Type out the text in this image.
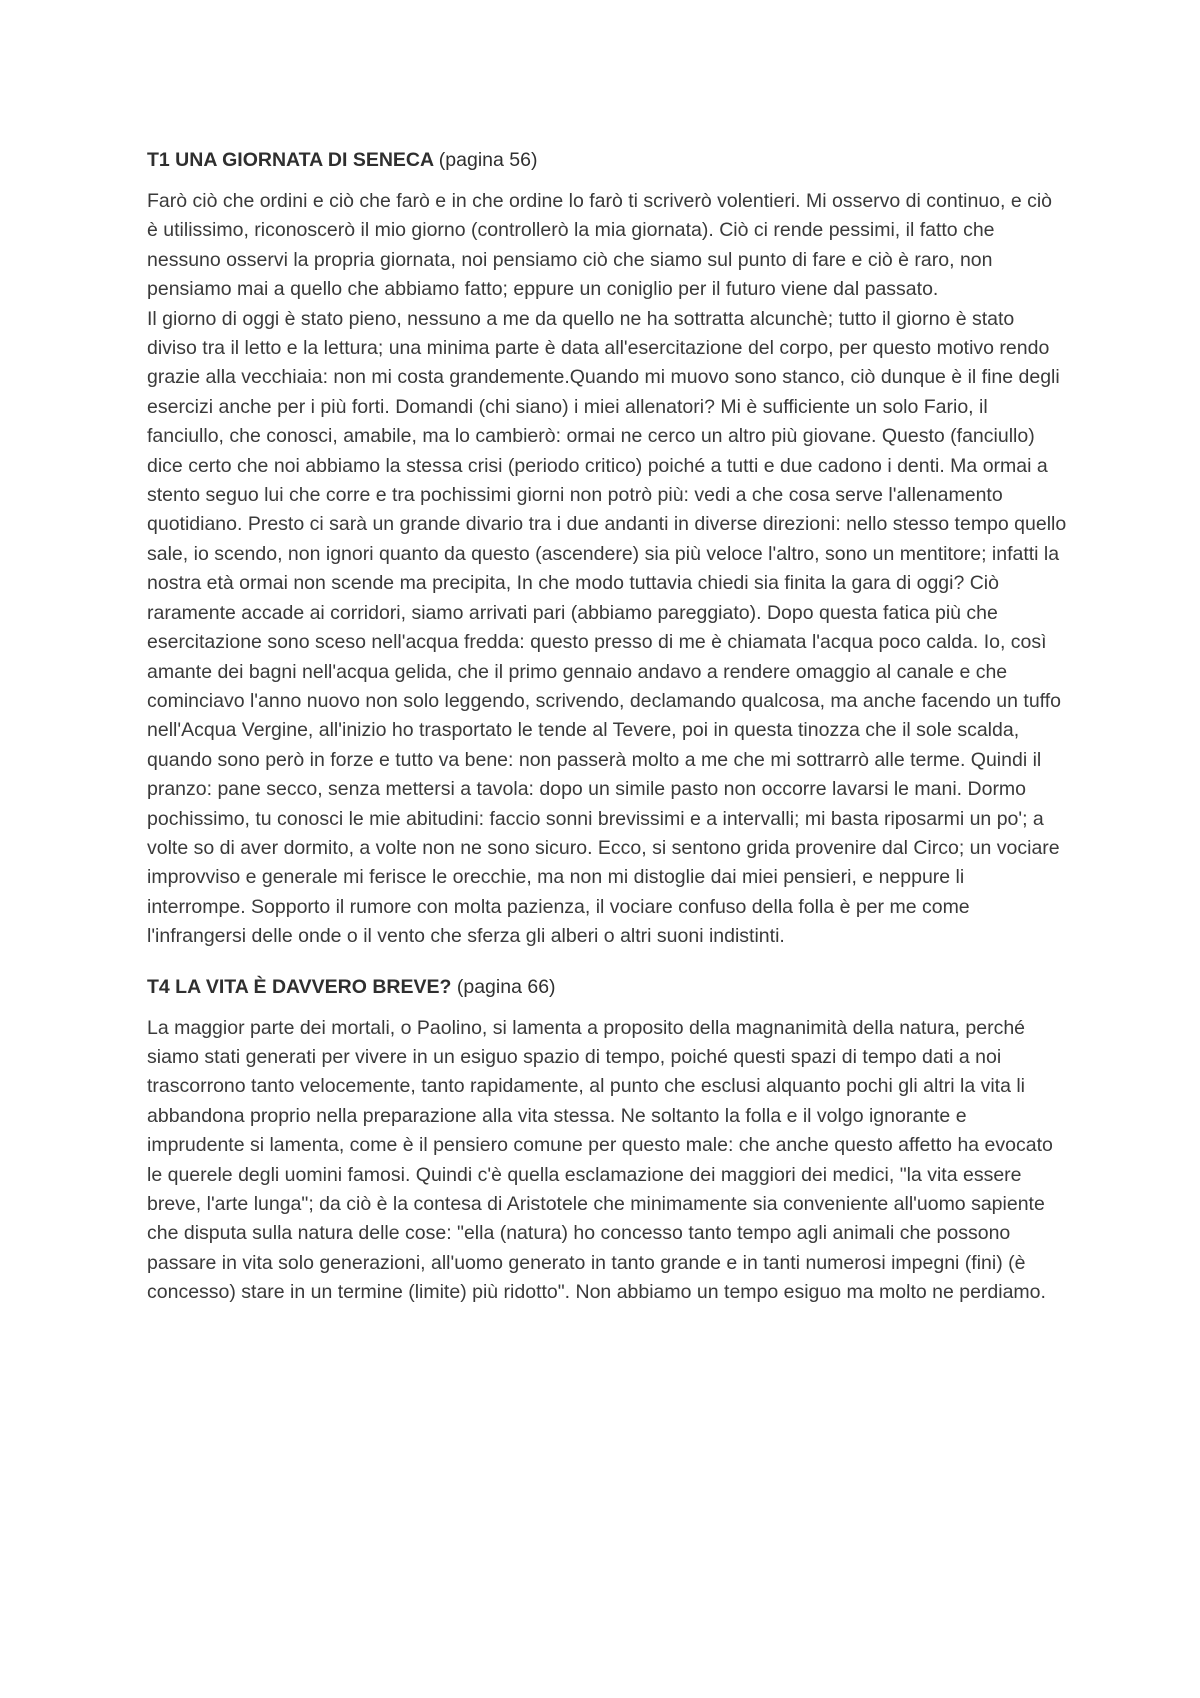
T1 UNA GIORNATA DI SENECA (pagina 56)

Farò ciò che ordini e ciò che farò e in che ordine lo farò ti scriverò volentieri. Mi osservo di continuo, e ciò è utilissimo, riconoscerò il mio giorno (controllerò la mia giornata). Ciò ci rende pessimi, il fatto che nessuno osservi la propria giornata, noi pensiamo ciò che siamo sul punto di fare e ciò è raro, non pensiamo mai a quello che abbiamo fatto; eppure un coniglio per il futuro viene dal passato.

Il giorno di oggi è stato pieno, nessuno a me da quello ne ha sottratta alcunchè; tutto il giorno è stato diviso tra il letto e la lettura; una minima parte è data all'esercitazione del corpo, per questo motivo rendo grazie alla vecchiaia: non mi costa grandemente.Quando mi muovo sono stanco, ciò dunque è il fine degli esercizi anche per i più forti. Domandi (chi siano) i miei allenatori? Mi è sufficiente un solo Fario, il fanciullo, che conosci, amabile, ma lo cambierò: ormai ne cerco un altro più giovane. Questo (fanciullo) dice certo che noi abbiamo la stessa crisi (periodo critico) poiché a tutti e due cadono i denti. Ma ormai a stento seguo lui che corre e tra pochissimi giorni non potrò più: vedi a che cosa serve l'allenamento quotidiano. Presto ci sarà un grande divario tra i due andanti in diverse direzioni: nello stesso tempo quello sale, io scendo, non ignori quanto da questo (ascendere) sia più veloce l'altro, sono un mentitore; infatti la nostra età ormai non scende ma precipita, In che modo tuttavia chiedi sia finita la gara di oggi? Ciò raramente accade ai corridori, siamo arrivati pari (abbiamo pareggiato). Dopo questa fatica più che esercitazione sono sceso nell'acqua fredda: questo presso di me è chiamata l'acqua poco calda. Io, così amante dei bagni nell'acqua gelida, che il primo gennaio andavo a rendere omaggio al canale e che cominciavo l'anno nuovo non solo leggendo, scrivendo, declamando qualcosa, ma anche facendo un tuffo nell'Acqua Vergine, all'inizio ho trasportato le tende al Tevere, poi in questa tinozza che il sole scalda, quando sono però in forze e tutto va bene: non passerà molto a me che mi sottrarrò alle terme. Quindi il pranzo: pane secco, senza mettersi a tavola: dopo un simile pasto non occorre lavarsi le mani. Dormo pochissimo, tu conosci le mie abitudini: faccio sonni brevissimi e a intervalli; mi basta riposarmi un po'; a volte so di aver dormito, a volte non ne sono sicuro. Ecco, si sentono grida provenire dal Circo; un vociare improvviso e generale mi ferisce le orecchie, ma non mi distoglie dai miei pensieri, e neppure li interrompe. Sopporto il rumore con molta pazienza, il vociare confuso della folla è per me come l'infrangersi delle onde o il vento che sferza gli alberi o altri suoni indistinti.

T4 LA VITA È DAVVERO BREVE? (pagina 66)

La maggior parte dei mortali, o Paolino, si lamenta a proposito della magnanimità della natura, perché siamo stati generati per vivere in un esiguo spazio di tempo, poiché questi spazi di tempo dati a noi trascorrono tanto velocemente, tanto rapidamente, al punto che esclusi alquanto pochi gli altri la vita li abbandona proprio nella preparazione alla vita stessa. Ne soltanto la folla e il volgo ignorante e imprudente si lamenta, come è il pensiero comune per questo male: che anche questo affetto ha evocato le querele degli uomini famosi. Quindi c'è quella esclamazione dei maggiori dei medici, "la vita essere breve, l'arte lunga"; da ciò è la contesa di Aristotele che minimamente sia conveniente all'uomo sapiente che disputa sulla natura delle cose: "ella (natura) ho concesso tanto tempo agli animali che possono passare in vita solo generazioni, all'uomo generato in tanto grande e in tanti numerosi impegni (fini) (è concesso) stare in un termine (limite) più ridotto". Non abbiamo un tempo esiguo ma molto ne perdiamo.
